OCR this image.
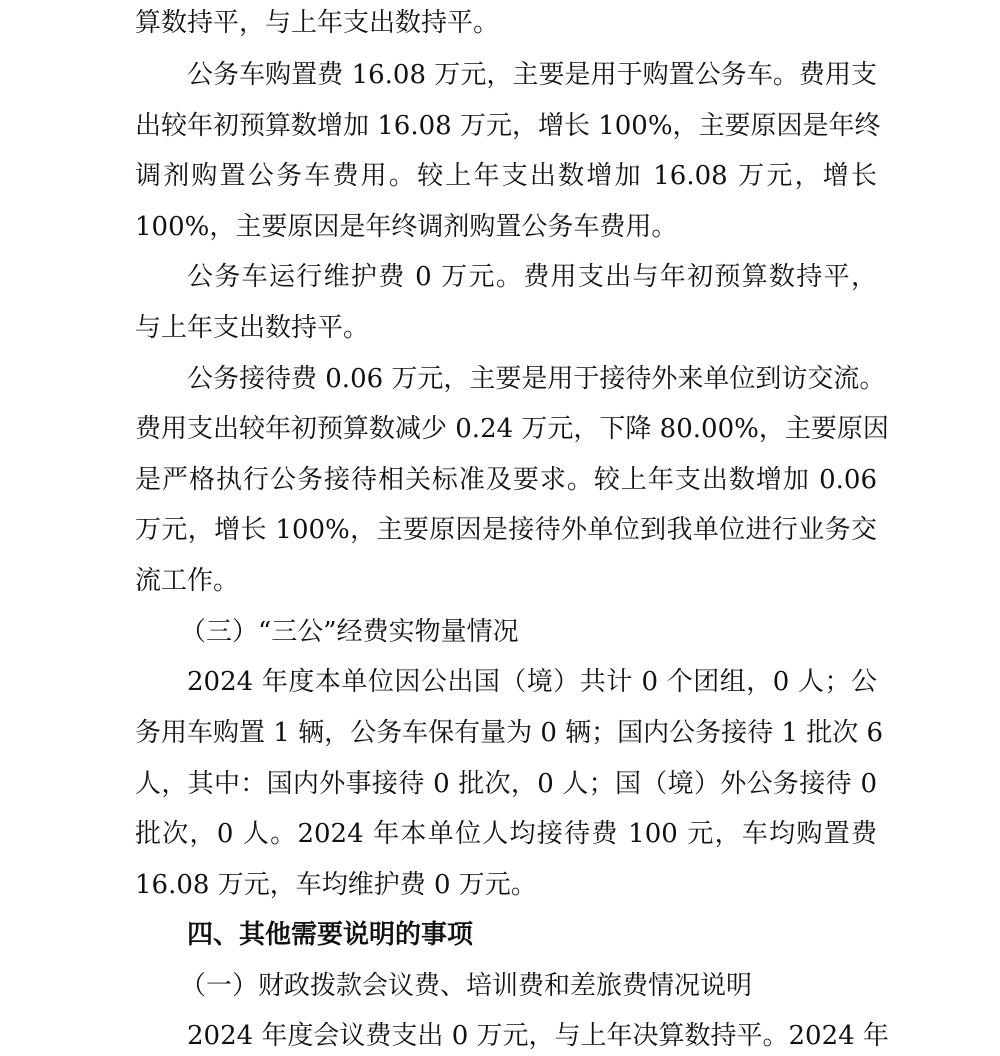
算数持平，与上年支出数持平。

公务车购置费 16.08 万元，主要是用于购置公务车。费用支

出较年初预算数增加 16.08 万元，增长 100%，主要原因是年终

调剂购置公务车费用。较上年支出数增加 16.08 万元，增长

100%，主要原因是年终调剂购置公务车费用。

公务车运行维护费 0 万元。费用支出与年初预算数持平，

与上年支出数持平。

公务接待费 0.06 万元，主要是用于接待外来单位到访交流。

费用支出较年初预算数减少 0.24 万元，下降 80.00%，主要原因

是严格执行公务接待相关标准及要求。较上年支出数增加 0.06

万元，增长 100%，主要原因是接待外单位到我单位进行业务交

流工作。

（三）“三公”经费实物量情况

2024 年度本单位因公出国（境）共计 0 个团组，0 人；公

务用车购置 1 辆，公务车保有量为 0 辆；国内公务接待 1 批次 6

人，其中：国内外事接待 0 批次，0 人；国（境）外公务接待 0

批次，0 人。2024 年本单位人均接待费 100 元，车均购置费

16.08 万元，车均维护费 0 万元。

四、其他需要说明的事项

（一）财政拨款会议费、培训费和差旅费情况说明

2024 年度会议费支出 0 万元，与上年决算数持平。2024 年
